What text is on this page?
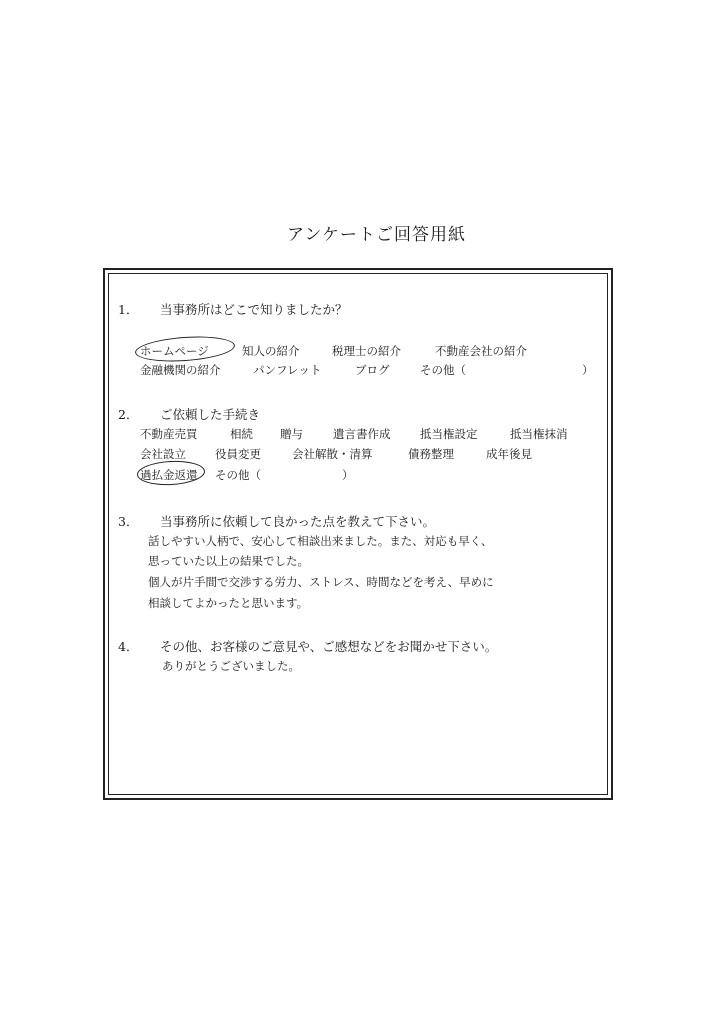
アンケートご回答用紙
1． 当事務所はどこで知りましたか？
ホームページ	知人の紹介	税理士の紹介	不動産会社の紹介
金融機関の紹介	パンフレット	ブログ	その他（	）
2． ご依頼した手続き
不動産売買	相続 贈与	遺言書作成	抵当権設定	抵当権抹消
会社設立	役員変更	会社解散・清算	債務整理	成年後見
過払金返還 その他（	）
3． 当事務所に依頼して良かった点を教えて下さい。
話しやすい人柄で、安心して相談出来ました。また、対応も早く、
思っていた以上の結果でした。
個人が片手間で交渉する労力、ストレス、時間などを考え、早めに
相談してよかったと思います。
4． その他、お客様のご意見や、ご感想などをお聞かせ下さい。
ありがとうございました。
